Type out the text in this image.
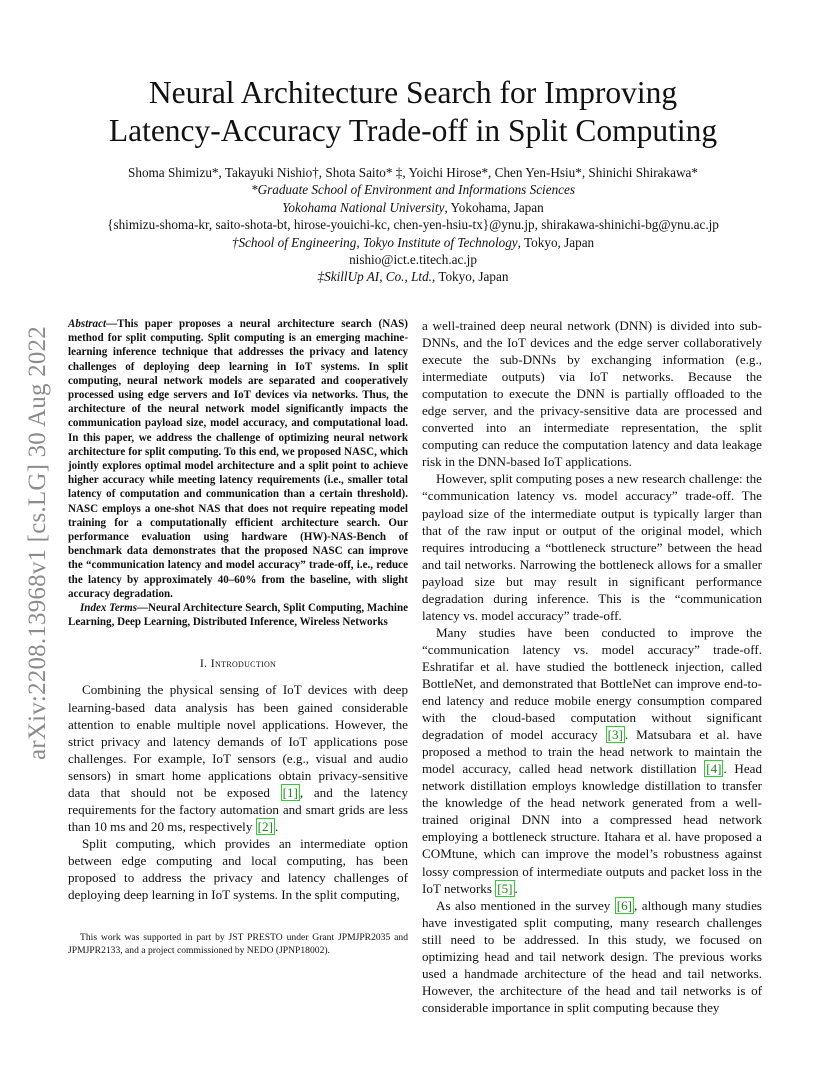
arXiv:2208.13968v1 [cs.LG] 30 Aug 2022
Neural Architecture Search for Improving
Latency-Accuracy Trade-off in Split Computing
Shoma Shimizu*, Takayuki Nishio†, Shota Saito* ‡, Yoichi Hirose*, Chen Yen-Hsiu*, Shinichi Shirakawa*
*Graduate School of Environment and Informations Sciences
Yokohama National University, Yokohama, Japan
{shimizu-shoma-kr, saito-shota-bt, hirose-youichi-kc, chen-yen-hsiu-tx}@ynu.jp, shirakawa-shinichi-bg@ynu.ac.jp
†School of Engineering, Tokyo Institute of Technology, Tokyo, Japan
nishio@ict.e.titech.ac.jp
‡SkillUp AI, Co., Ltd., Tokyo, Japan
Abstract—This paper proposes a neural architecture search (NAS) method for split computing. Split computing is an emerging machine-learning inference technique that addresses the privacy and latency challenges of deploying deep learning in IoT systems. In split computing, neural network models are separated and cooperatively processed using edge servers and IoT devices via networks. Thus, the architecture of the neural network model significantly impacts the communication payload size, model accuracy, and computational load. In this paper, we address the challenge of optimizing neural network architecture for split computing. To this end, we proposed NASC, which jointly explores optimal model architecture and a split point to achieve higher accuracy while meeting latency requirements (i.e., smaller total latency of computation and communication than a certain threshold). NASC employs a one-shot NAS that does not require repeating model training for a computationally efficient architecture search. Our performance evaluation using hardware (HW)-NAS-Bench of benchmark data demonstrates that the proposed NASC can improve the “communication latency and model accuracy” trade-off, i.e., reduce the latency by approximately 40–60% from the baseline, with slight accuracy degradation.
Index Terms—Neural Architecture Search, Split Computing, Machine Learning, Deep Learning, Distributed Inference, Wireless Networks
I. Introduction

Combining the physical sensing of IoT devices with deep learning-based data analysis has been gained considerable attention to enable multiple novel applications. However, the strict privacy and latency demands of IoT applications pose challenges. For example, IoT sensors (e.g., visual and audio sensors) in smart home applications obtain privacy-sensitive data that should not be exposed [1] , and the latency requirements for the factory automation and smart grids are less than 10 ms and 20 ms, respectively [2] .

Split computing, which provides an intermediate option between edge computing and local computing, has been proposed to address the privacy and latency challenges of deploying deep learning in IoT systems. In the split computing,

This work was supported in part by JST PRESTO under Grant JPMJPR2035 and JPMJPR2133, and a project commissioned by NEDO (JPNP18002).

a well-trained deep neural network (DNN) is divided into sub-DNNs, and the IoT devices and the edge server collaboratively execute the sub-DNNs by exchanging information (e.g., intermediate outputs) via IoT networks. Because the computation to execute the DNN is partially offloaded to the edge server, and the privacy-sensitive data are processed and converted into an intermediate representation, the split computing can reduce the computation latency and data leakage risk in the DNN-based IoT applications.

However, split computing poses a new research challenge: the “communication latency vs. model accuracy” trade-off. The payload size of the intermediate output is typically larger than that of the raw input or output of the original model, which requires introducing a “bottleneck structure” between the head and tail networks. Narrowing the bottleneck allows for a smaller payload size but may result in significant performance degradation during inference. This is the “communication latency vs. model accuracy” trade-off.

Many studies have been conducted to improve the “communication latency vs. model accuracy” trade-off. Eshratifar et al. have studied the bottleneck injection, called BottleNet, and demonstrated that BottleNet can improve end-to-end latency and reduce mobile energy consumption compared with the cloud-based computation without significant degradation of model accuracy [3] . Matsubara et al. have proposed a method to train the head network to maintain the model accuracy, called head network distillation [4] . Head network distillation employs knowledge distillation to transfer the knowledge of the head network generated from a well-trained original DNN into a compressed head network employing a bottleneck structure. Itahara et al. have proposed a COMtune, which can improve the model’s robustness against lossy compression of intermediate outputs and packet loss in the IoT networks [5] .

As also mentioned in the survey [6] , although many studies have investigated split computing, many research challenges still need to be addressed. In this study, we focused on optimizing head and tail network design. The previous works used a handmade architecture of the head and tail networks. However, the architecture of the head and tail networks is of considerable importance in split computing because they
